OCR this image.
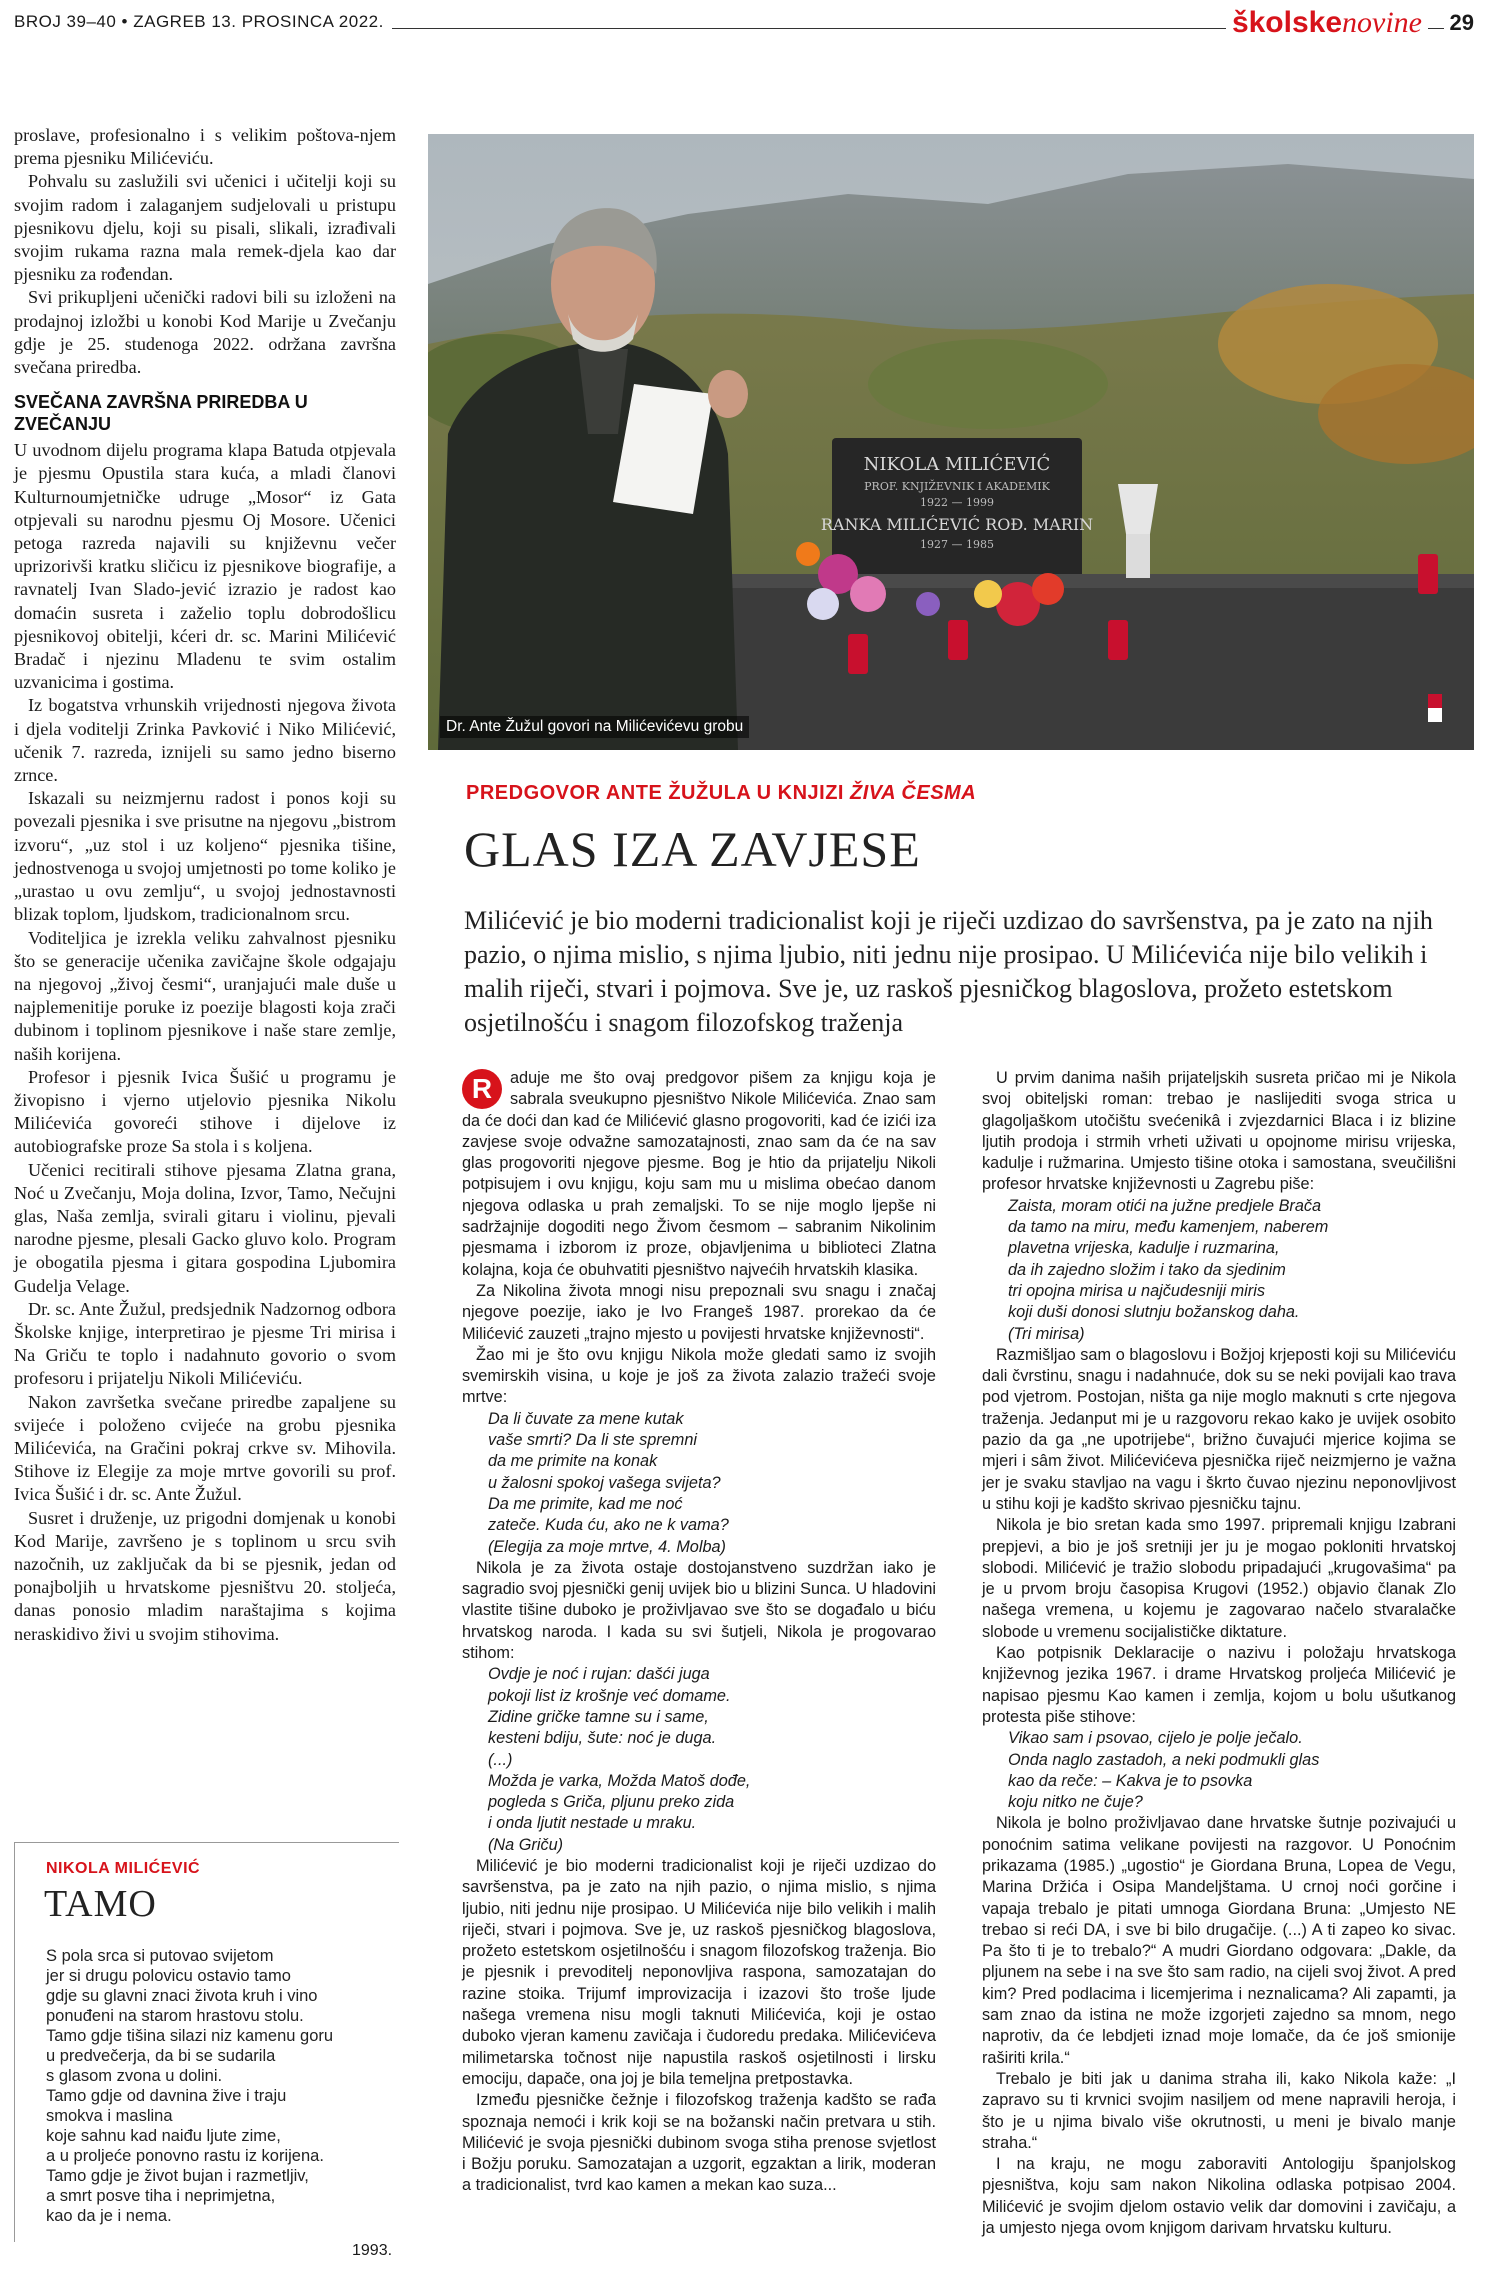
BROJ 39–40 • ZAGREB 13. PROSINCA 2022.	školskenovine 29

proslave, profesionalno i s velikim poštova-njem prema pjesniku Milićeviću.

Pohvalu su zaslužili svi učenici i učitelji koji su svojim radom i zalaganjem sudjelovali u pristupu pjesnikovu djelu, koji su pisali, slikali, izrađivali svojim rukama razna mala remek-djela kao dar pjesniku za rođendan.

Svi prikupljeni učenički radovi bili su izloženi na prodajnoj izložbi u konobi Kod Marije u Zvečanju gdje je 25. studenoga 2022. održana završna svečana priredba.

SVEČANA ZAVRŠNA PRIREDBA U ZVEČANJU

U uvodnom dijelu programa klapa Batuda otpjevala je pjesmu Opustila stara kuća, a mladi članovi Kulturnoumjetničke udruge „Mosor“ iz Gata otpjevali su narodnu pjesmu Oj Mosore. Učenici petoga razreda najavili su književnu večer uprizorivši kratku sličicu iz pjesnikove biografije, a ravnatelj Ivan Slado-jević izrazio je radost kao domaćin susreta i zaželio toplu dobrodošlicu pjesnikovoj obitelji, kćeri dr. sc. Marini Milićević Bradač i njezinu Mladenu te svim ostalim uzvanicima i gostima.

Iz bogatstva vrhunskih vrijednosti njegova života i djela voditelji Zrinka Pavković i Niko Milićević, učenik 7. razreda, iznijeli su samo jedno biserno zrnce.

Iskazali su neizmjernu radost i ponos koji su povezali pjesnika i sve prisutne na njegovu „bistrom izvoru“, „uz stol i uz koljeno“ pjesnika tišine, jednostvenoga u svojoj umjetnosti po tome koliko je „urastao u ovu zemlju“, u svojoj jednostavnosti blizak toplom, ljudskom, tradicionalnom srcu.

Voditeljica je izrekla veliku zahvalnost pjesniku što se generacije učenika zavičajne škole odgajaju na njegovoj „živoj česmi“, uranjajući male duše u najplemenitije poruke iz poezije blagosti koja zrači dubinom i toplinom pjesnikove i naše stare zemlje, naših korijena.

Profesor i pjesnik Ivica Šušić u programu je živopisno i vjerno utjelovio pjesnika Nikolu Milićevića govoreći stihove i dijelove iz autobiografske proze Sa stola i s koljena.

Učenici recitirali stihove pjesama Zlatna grana, Noć u Zvečanju, Moja dolina, Izvor, Tamo, Nečujni glas, Naša zemlja, svirali gitaru i violinu, pjevali narodne pjesme, plesali Gacko gluvo kolo. Program je obogatila pjesma i gitara gospodina Ljubomira Gudelja Velage.

Dr. sc. Ante Žužul, predsjednik Nadzornog odbora Školske knjige, interpretirao je pjesme Tri mirisa i Na Griču te toplo i nadahnuto govorio o svom profesoru i prijatelju Nikoli Milićeviću.

Nakon završetka svečane priredbe zapaljene su svijeće i položeno cvijeće na grobu pjesnika Milićevića, na Gračini pokraj crkve sv. Mihovila. Stihove iz Elegije za moje mrtve govorili su prof. Ivica Šušić i dr. sc. Ante Žužul.

Susret i druženje, uz prigodni domjenak u konobi Kod Marije, završeno je s toplinom u srcu svih nazočnih, uz zaključak da bi se pjesnik, jedan od ponajboljih u hrvatskome pjesništvu 20. stoljeća, danas ponosio mladim naraštajima s kojima neraskidivo živi u svojim stihovima.

NIKOLA MILIĆEVIĆ
TAMO
S pola srca si putovao svijetom
jer si drugu polovicu ostavio tamo
gdje su glavni znaci života kruh i vino
ponuđeni na starom hrastovu stolu.
Tamo gdje tišina silazi niz kamenu goru
u predvečerja, da bi se sudarila
s glasom zvona u dolini.
Tamo gdje od davnina žive i traju
smokva i maslina
koje sahnu kad naiđu ljute zime,
a u proljeće ponovno rastu iz korijena.
Tamo gdje je život bujan i razmetljiv,
a smrt posve tiha i neprimjetna,
kao da je i nema.
1993.
NIKOLA MILIĆEVIĆ
PROF. KNJIŽEVNIK I AKADEMIK
1922 — 1999
RANKA MILIĆEVIĆ ROĐ. MARIN
1927 — 1985
Dr. Ante Žužul govori na Milićevićevu grobu
PREDGOVOR ANTE ŽUŽULA U KNJIZI ŽIVA ČESMA
GLAS IZA ZAVJESE
Milićević je bio moderni tradicionalist koji je riječi uzdizao do savršenstva, pa je zato na njih pazio, o njima mislio, s njima ljubio, niti jednu nije prosipao. U Milićevića nije bilo velikih i malih riječi, stvari i pojmova. Sve je, uz raskoš pjesničkog blagoslova, prožeto estetskom osjetilnošću i snagom filozofskog traženja

R	aduje me što ovaj predgovor pišem za knjigu koja je sabrala sveukupno pjesništvo Nikole Milićevića. Znao sam da će doći dan kad će Milićević glasno progovoriti, kad će izići iza zavjese svoje odvažne samozatajnosti, znao sam da će na sav glas progovoriti njegove pjesme. Bog je htio da prijatelju Nikoli potpisujem i ovu knjigu, koju sam mu u mislima obećao danom njegova odlaska u prah zemaljski. To se nije moglo ljepše ni sadržajnije dogoditi nego Živom česmom – sabranim Nikolinim pjesmama i izborom iz proze, objavljenima u biblioteci Zlatna kolajna, koja će obuhvatiti pjesništvo najvećih hrvatskih klasika.

Za Nikolina života mnogi nisu prepoznali svu snagu i značaj njegove poezije, iako je Ivo Frangeš 1987. prorekao da će Milićević zauzeti „trajno mjesto u povijesti hrvatske književnosti“.

Žao mi je što ovu knjigu Nikola može gledati samo iz svojih svemirskih visina, u koje je još za života zalazio tražeći svoje mrtve:

Da li čuvate za mene kutak
vaše smrti? Da li ste spremni
da me primite na konak
u žalosni spokoj vašega svijeta?
Da me primite, kad me noć
zateče. Kuda ću, ako ne k vama?
(Elegija za moje mrtve, 4. Molba)

Nikola je za života ostaje dostojanstveno suzdržan iako je sagradio svoj pjesnički genij uvijek bio u blizini Sunca. U hladovini vlastite tišine duboko je proživljavao sve što se događalo u biću hrvatskog naroda. I kada su svi šutjeli, Nikola je progovarao stihom:

Ovdje je noć i rujan: dašći juga
pokoji list iz krošnje već domame.
Zidine gričke tamne su i same,
kesteni bdiju, šute: noć je duga.
(...)
Možda je varka, Možda Matoš dođe,
pogleda s Griča, pljunu preko zida
i onda ljutit nestade u mraku.
(Na Griču)

Milićević je bio moderni tradicionalist koji je riječi uzdizao do savršenstva, pa je zato na njih pazio, o njima mislio, s njima ljubio, niti jednu nije prosipao. U Milićevića nije bilo velikih i malih riječi, stvari i pojmova. Sve je, uz raskoš pjesničkog blagoslova, prožeto estetskom osjetilnošću i snagom filozofskog traženja. Bio je pjesnik i prevoditelj neponovljiva raspona, samozatajan do razine stoika. Trijumf improvizacija i izazovi što troše ljude našega vremena nisu mogli taknuti Milićevića, koji je ostao duboko vjeran kamenu zavičaja i čudoredu predaka. Milićevićeva milimetarska točnost nije napustila raskoš osjetilnosti i lirsku emociju, dapače, ona joj je bila temeljna pretpostavka.

Između pjesničke čežnje i filozofskog traženja kadšto se rađa spoznaja nemoći i krik koji se na božanski način pretvara u stih. Milićević je svoja pjesnički dubinom svoga stiha prenose svjetlost i Božju poruku. Samozatajan a uzgorit, egzaktan a lirik, moderan a tradicionalist, tvrd kao kamen a mekan kao suza...

U prvim danima naših prijateljskih susreta pričao mi je Nikola svoj obiteljski roman: trebao je naslijediti svoga strica u glagoljaškom utočištu svećenikâ i zvjezdarnici Blaca i iz blizine ljutih prodoja i strmih vrheti uživati u opojnome mirisu vrijeska, kadulje i ružmarina. Umjesto tišine otoka i samostana, sveučilišni profesor hrvatske književnosti u Zagrebu piše:

Zaista, moram otići na južne predjele Brača
da tamo na miru, među kamenjem, naberem
plavetna vrijeska, kadulje i ruzmarina,
da ih zajedno složim i tako da sjedinim
tri opojna mirisa u najčudesniji miris
koji duši donosi slutnju božanskog daha.
(Tri mirisa)

Razmišljao sam o blagoslovu i Božjoj krjeposti koji su Milićeviću dali čvrstinu, snagu i nadahnuće, dok su se neki povijali kao trava pod vjetrom. Postojan, ništa ga nije moglo maknuti s crte njegova traženja. Jedanput mi je u razgovoru rekao kako je uvijek osobito pazio da ga „ne upotrijebe“, brižno čuvajući mjerice kojima se mjeri i sâm život. Milićevićeva pjesnička riječ neizmjerno je važna jer je svaku stavljao na vagu i škrto čuvao njezinu neponovljivost u stihu koji je kadšto skrivao pjesničku tajnu.

Nikola je bio sretan kada smo 1997. pripremali knjigu Izabrani prepjevi, a bio je još sretniji jer ju je mogao pokloniti hrvatskoj slobodi. Milićević je tražio slobodu pripadajući „krugovašima“ pa je u prvom broju časopisa Krugovi (1952.) objavio članak Zlo našega vremena, u kojemu je zagovarao načelo stvaralačke slobode u vremenu socijalističke diktature.

Kao potpisnik Deklaracije o nazivu i položaju hrvatskoga književnog jezika 1967. i drame Hrvatskog proljeća Milićević je napisao pjesmu Kao kamen i zemlja, kojom u bolu ušutkanog protesta piše stihove:

Vikao sam i psovao, cijelo je polje ječalo.
Onda naglo zastadoh, a neki podmukli glas
kao da reče: – Kakva je to psovka
koju nitko ne čuje?

Nikola je bolno proživljavao dane hrvatske šutnje pozivajući u ponoćnim satima velikane povijesti na razgovor. U Ponoćnim prikazama (1985.) „ugostio“ je Giordana Bruna, Lopea de Vegu, Marina Držića i Osipa Mandeljštama. U crnoj noći gorčine i vapaja trebalo je pitati umnoga Giordana Bruna: „Umjesto NE trebao si reći DA, i sve bi bilo drugačije. (...) A ti zapeo ko sivac. Pa što ti je to trebalo?“ A mudri Giordano odgovara: „Dakle, da pljunem na sebe i na sve što sam radio, na cijeli svoj život. A pred kim? Pred podlacima i licemjerima i neznalicama? Ali zapamti, ja sam znao da istina ne može izgorjeti zajedno sa mnom, nego naprotiv, da će lebdjeti iznad moje lomače, da će još smionije raširiti krila.“

Trebalo je biti jak u danima straha ili, kako Nikola kaže: „I zapravo su ti krvnici svojim nasiljem od mene napravili heroja, i što je u njima bivalo više okrutnosti, u meni je bivalo manje straha.“

I na kraju, ne mogu zaboraviti Antologiju španjolskog pjesništva, koju sam nakon Nikolina odlaska potpisao 2004. Milićević je svojim djelom ostavio velik dar domovini i zavičaju, a ja umjesto njega ovom knjigom darivam hrvatsku kulturu.
